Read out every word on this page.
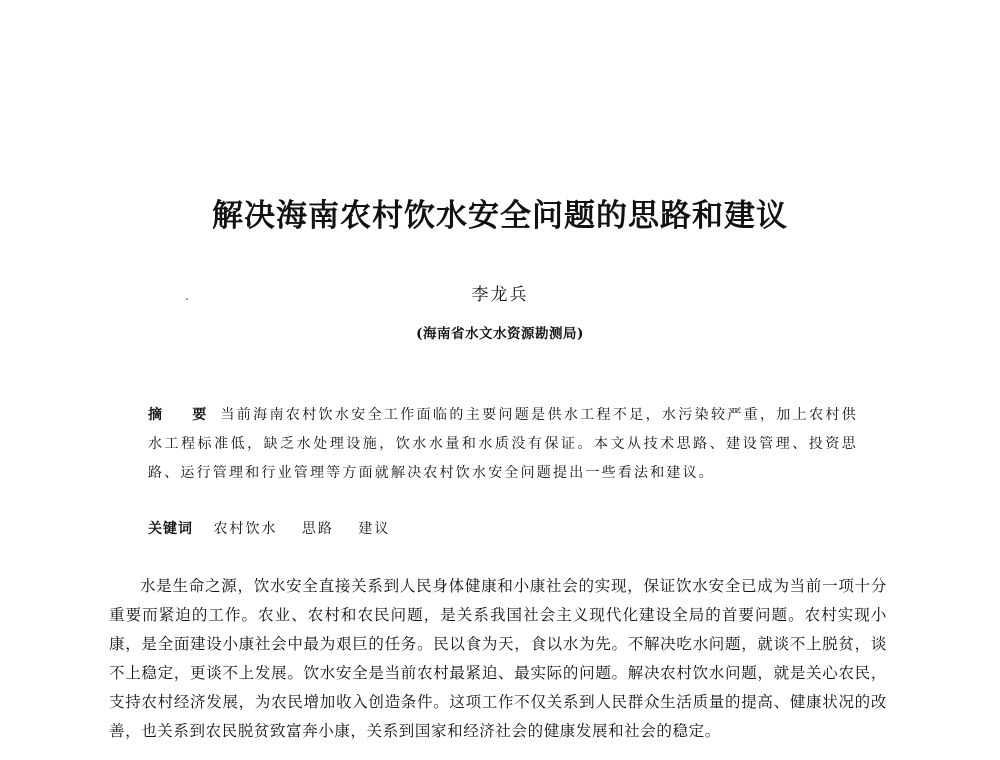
解决海南农村饮水安全问题的思路和建议
李龙兵
(海南省水文水资源勘测局)
摘　要 当前海南农村饮水安全工作面临的主要问题是供水工程不足，水污染较严重，加上农村供水工程标准低，缺乏水处理设施，饮水水量和水质没有保证。本文从技术思路、建设管理、投资思路、运行管理和行业管理等方面就解决农村饮水安全问题提出一些看法和建议。
关键词 农村饮水 思路 建议
水是生命之源，饮水安全直接关系到人民身体健康和小康社会的实现，保证饮水安全已成为当前一项十分重要而紧迫的工作。农业、农村和农民问题，是关系我国社会主义现代化建设全局的首要问题。农村实现小康，是全面建设小康社会中最为艰巨的任务。民以食为天，食以水为先。不解决吃水问题，就谈不上脱贫，谈不上稳定，更谈不上发展。饮水安全是当前农村最紧迫、最实际的问题。解决农村饮水问题，就是关心农民，支持农村经济发展，为农民增加收入创造条件。这项工作不仅关系到人民群众生活质量的提高、健康状况的改善，也关系到农民脱贫致富奔小康，关系到国家和经济社会的健康发展和社会的稳定。
